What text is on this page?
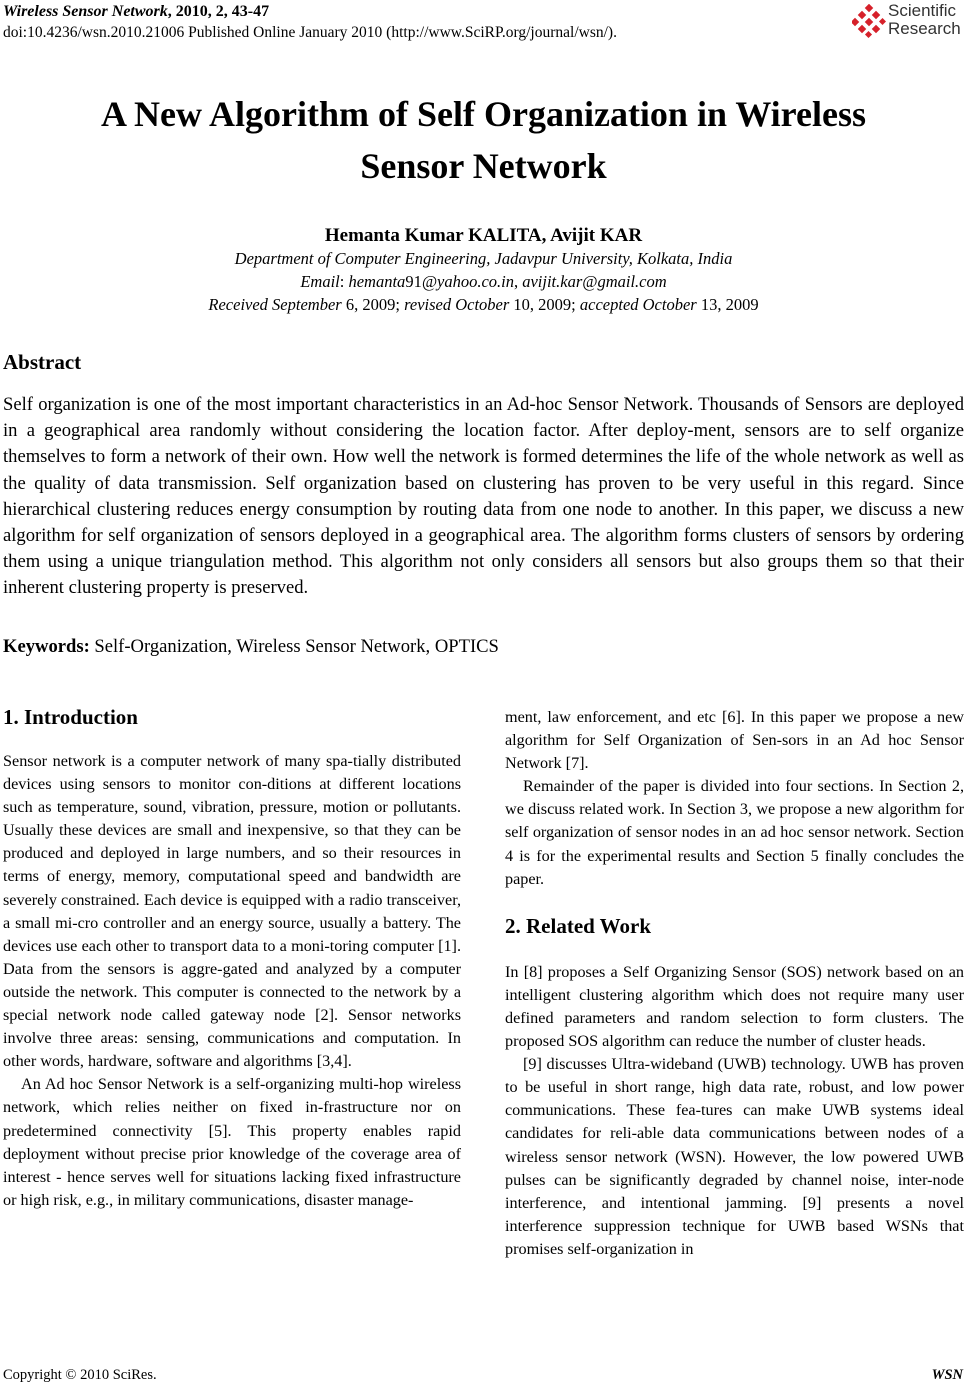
Wireless Sensor Network, 2010, 2, 43-47
doi:10.4236/wsn.2010.21006 Published Online January 2010 (http://www.SciRP.org/journal/wsn/).
Scientific
Research
A New Algorithm of Self Organization in Wireless
Sensor Network
Hemanta Kumar KALITA, Avijit KAR
Department of Computer Engineering, Jadavpur University, Kolkata, India
Email: hemanta91@yahoo.co.in, avijit.kar@gmail.com
Received September 6, 2009; revised October 10, 2009; accepted October 13, 2009
Abstract

Self organization is one of the most important characteristics in an Ad-hoc Sensor Network. Thousands of Sensors are deployed in a geographical area randomly without considering the location factor. After deploy-ment, sensors are to self organize themselves to form a network of their own. How well the network is formed determines the life of the whole network as well as the quality of data transmission. Self organization based on clustering has proven to be very useful in this regard. Since hierarchical clustering reduces energy consumption by routing data from one node to another. In this paper, we discuss a new algorithm for self organization of sensors deployed in a geographical area. The algorithm forms clusters of sensors by ordering them using a unique triangulation method. This algorithm not only considers all sensors but also groups them so that their inherent clustering property is preserved.

Keywords: Self-Organization, Wireless Sensor Network, OPTICS
1. Introduction

Sensor network is a computer network of many spa-tially distributed devices using sensors to monitor con-ditions at different locations such as temperature, sound, vibration, pressure, motion or pollutants. Usually these devices are small and inexpensive, so that they can be produced and deployed in large numbers, and so their resources in terms of energy, memory, computational speed and bandwidth are severely constrained. Each device is equipped with a radio transceiver, a small mi-cro controller and an energy source, usually a battery. The devices use each other to transport data to a moni-toring computer [1]. Data from the sensors is aggre-gated and analyzed by a computer outside the network. This computer is connected to the network by a special network node called gateway node [2]. Sensor networks involve three areas: sensing, communications and computation. In other words, hardware, software and algorithms [3,4].

An Ad hoc Sensor Network is a self-organizing multi-hop wireless network, which relies neither on fixed in-frastructure nor on predetermined connectivity [5]. This property enables rapid deployment without precise prior knowledge of the coverage area of interest - hence serves well for situations lacking fixed infrastructure or high risk, e.g., in military communications, disaster manage-

ment, law enforcement, and etc [6]. In this paper we propose a new algorithm for Self Organization of Sen-sors in an Ad hoc Sensor Network [7].

Remainder of the paper is divided into four sections. In Section 2, we discuss related work. In Section 3, we propose a new algorithm for self organization of sensor nodes in an ad hoc sensor network. Section 4 is for the experimental results and Section 5 finally concludes the paper.

2. Related Work

In [8] proposes a Self Organizing Sensor (SOS) network based on an intelligent clustering algorithm which does not require many user defined parameters and random selection to form clusters. The proposed SOS algorithm can reduce the number of cluster heads.

[9] discusses Ultra-wideband (UWB) technology. UWB has proven to be useful in short range, high data rate, robust, and low power communications. These fea-tures can make UWB systems ideal candidates for reli-able data communications between nodes of a wireless sensor network (WSN). However, the low powered UWB pulses can be significantly degraded by channel noise, inter-node interference, and intentional jamming. [9] presents a novel interference suppression technique for UWB based WSNs that promises self-organization in

Copyright © 2010 SciRes.	WSN
